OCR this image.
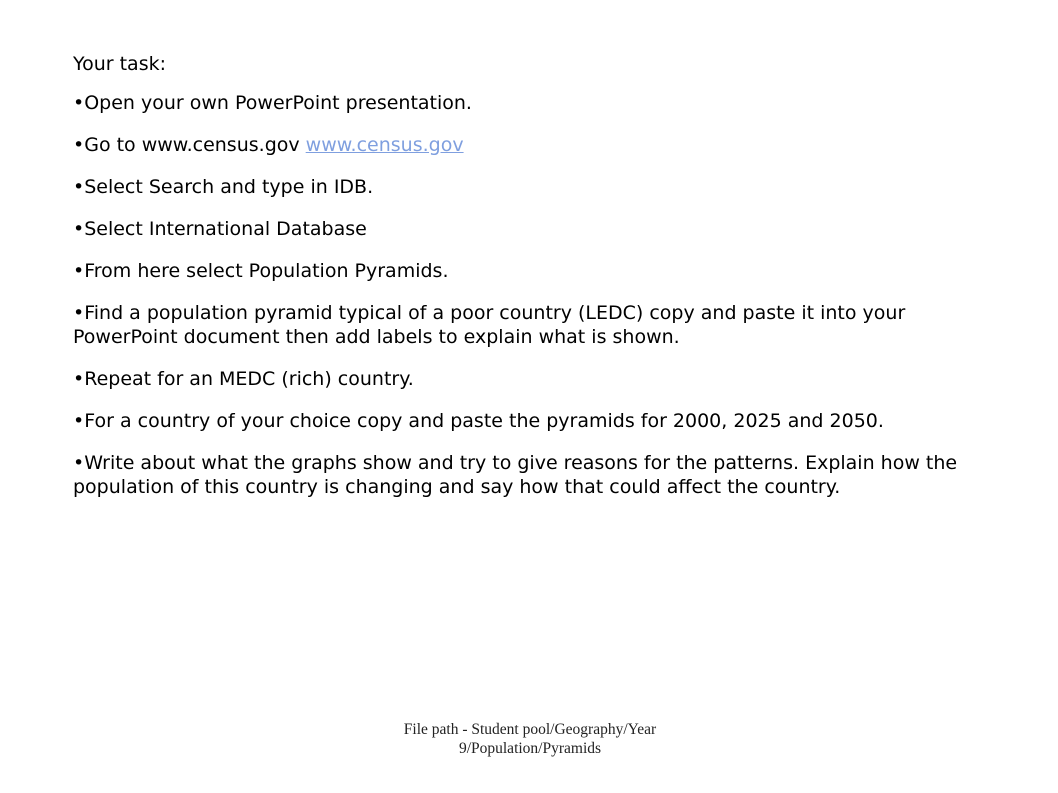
Your task:

•Open your own PowerPoint presentation.

•Go to www.census.gov www.census.gov

•Select Search and type in IDB.

•Select International Database

•From here select Population Pyramids.

•Find a population pyramid typical of a poor country (LEDC) copy and paste it into your PowerPoint document then add labels to explain what is shown.

•Repeat for an MEDC (rich) country.

•For a country of your choice copy and paste the pyramids for 2000, 2025 and 2050.

•Write about what the graphs show and try to give reasons for the patterns. Explain how the population of this country is changing and say how that could affect the country.

File path - Student pool/Geography/Year
9/Population/Pyramids
